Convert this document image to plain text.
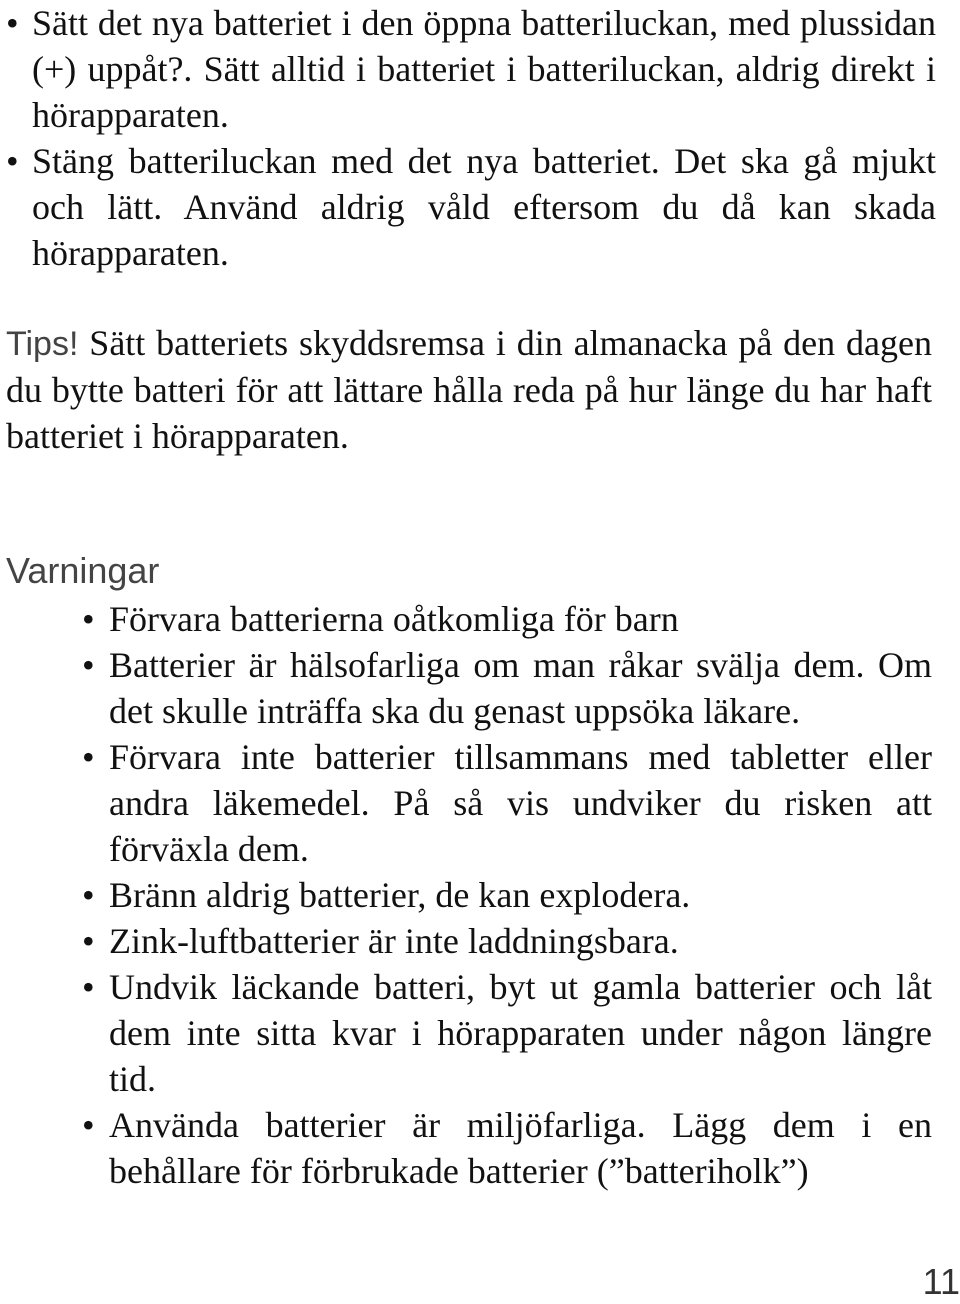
• Sätt det nya batteriet i den öppna batteriluckan, med plussidan (+) uppåt?. Sätt alltid i batteriet i batteriluckan, aldrig direkt i hörapparaten.
• Stäng batteriluckan med det nya batteriet. Det ska gå mjukt och lätt. Använd aldrig våld eftersom du då kan skada hörapparaten.

Tips! Sätt batteriets skyddsremsa i din almanacka på den dagen du bytte batteri för att lättare hålla reda på hur länge du har haft batteriet i hörapparaten.

Varningar
• Förvara batterierna oåtkomliga för barn
• Batterier är hälsofarliga om man råkar svälja dem. Om det skulle inträffa ska du genast uppsöka läkare.
• Förvara inte batterier tillsammans med tabletter eller andra läkemedel. På så vis undviker du risken att förväxla dem.
• Bränn aldrig batterier, de kan explodera.
• Zink-luftbatterier är inte laddningsbara.
• Undvik läckande batteri, byt ut gamla batterier och låt dem inte sitta kvar i hörapparaten under någon längre tid.
• Använda batterier är miljöfarliga. Lägg dem i en behållare för förbrukade batterier (”batteriholk”)
11
